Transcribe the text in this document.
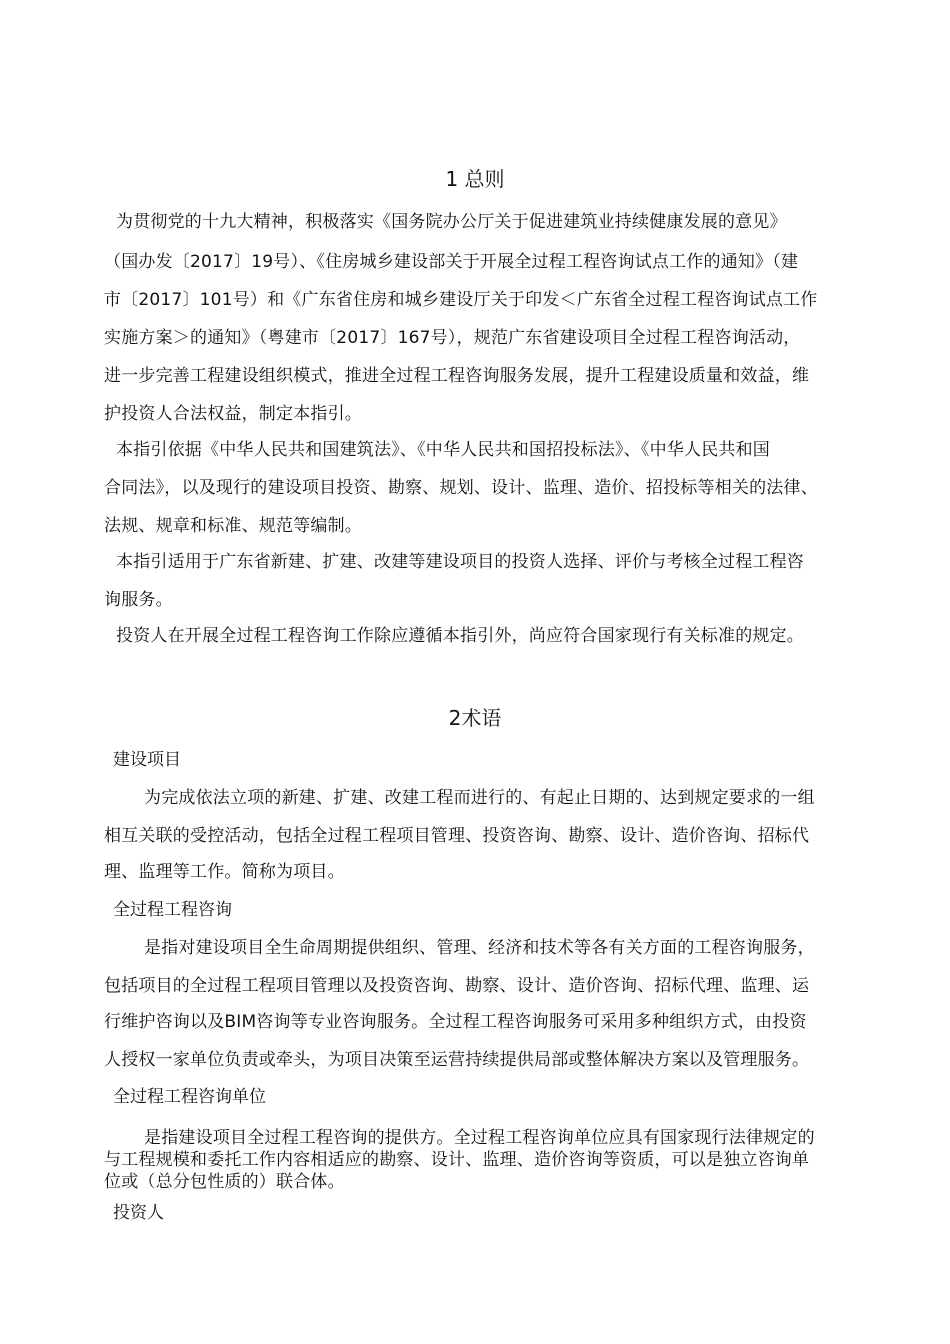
1 总则
为贯彻党的十九大精神，积极落实《国务院办公厅关于促进建筑业持续健康发展的意见》
（国办发〔2017〕19号）、《住房城乡建设部关于开展全过程工程咨询试点工作的通知》（建
市〔2017〕101号）和《广东省住房和城乡建设厅关于印发＜广东省全过程工程咨询试点工作
实施方案＞的通知》（粤建市〔2017〕167号），规范广东省建设项目全过程工程咨询活动，
进一步完善工程建设组织模式，推进全过程工程咨询服务发展，提升工程建设质量和效益，维
护投资人合法权益，制定本指引。
本指引依据《中华人民共和国建筑法》、《中华人民共和国招投标法》、《中华人民共和国
合同法》，以及现行的建设项目投资、勘察、规划、设计、监理、造价、招投标等相关的法律、
法规、规章和标准、规范等编制。
本指引适用于广东省新建、扩建、改建等建设项目的投资人选择、评价与考核全过程工程咨
询服务。
投资人在开展全过程工程咨询工作除应遵循本指引外，尚应符合国家现行有关标准的规定。
2术语
建设项目
为完成依法立项的新建、扩建、改建工程而进行的、有起止日期的、达到规定要求的一组
相互关联的受控活动，包括全过程工程项目管理、投资咨询、勘察、设计、造价咨询、招标代
理、监理等工作。简称为项目。
全过程工程咨询
是指对建设项目全生命周期提供组织、管理、经济和技术等各有关方面的工程咨询服务，
包括项目的全过程工程项目管理以及投资咨询、勘察、设计、造价咨询、招标代理、监理、运
行维护咨询以及BIM咨询等专业咨询服务。全过程工程咨询服务可采用多种组织方式，由投资
人授权一家单位负责或牵头，为项目决策至运营持续提供局部或整体解决方案以及管理服务。
全过程工程咨询单位
是指建设项目全过程工程咨询的提供方。全过程工程咨询单位应具有国家现行法律规定的
与工程规模和委托工作内容相适应的勘察、设计、监理、造价咨询等资质，可以是独立咨询单
位或（总分包性质的）联合体。
投资人
